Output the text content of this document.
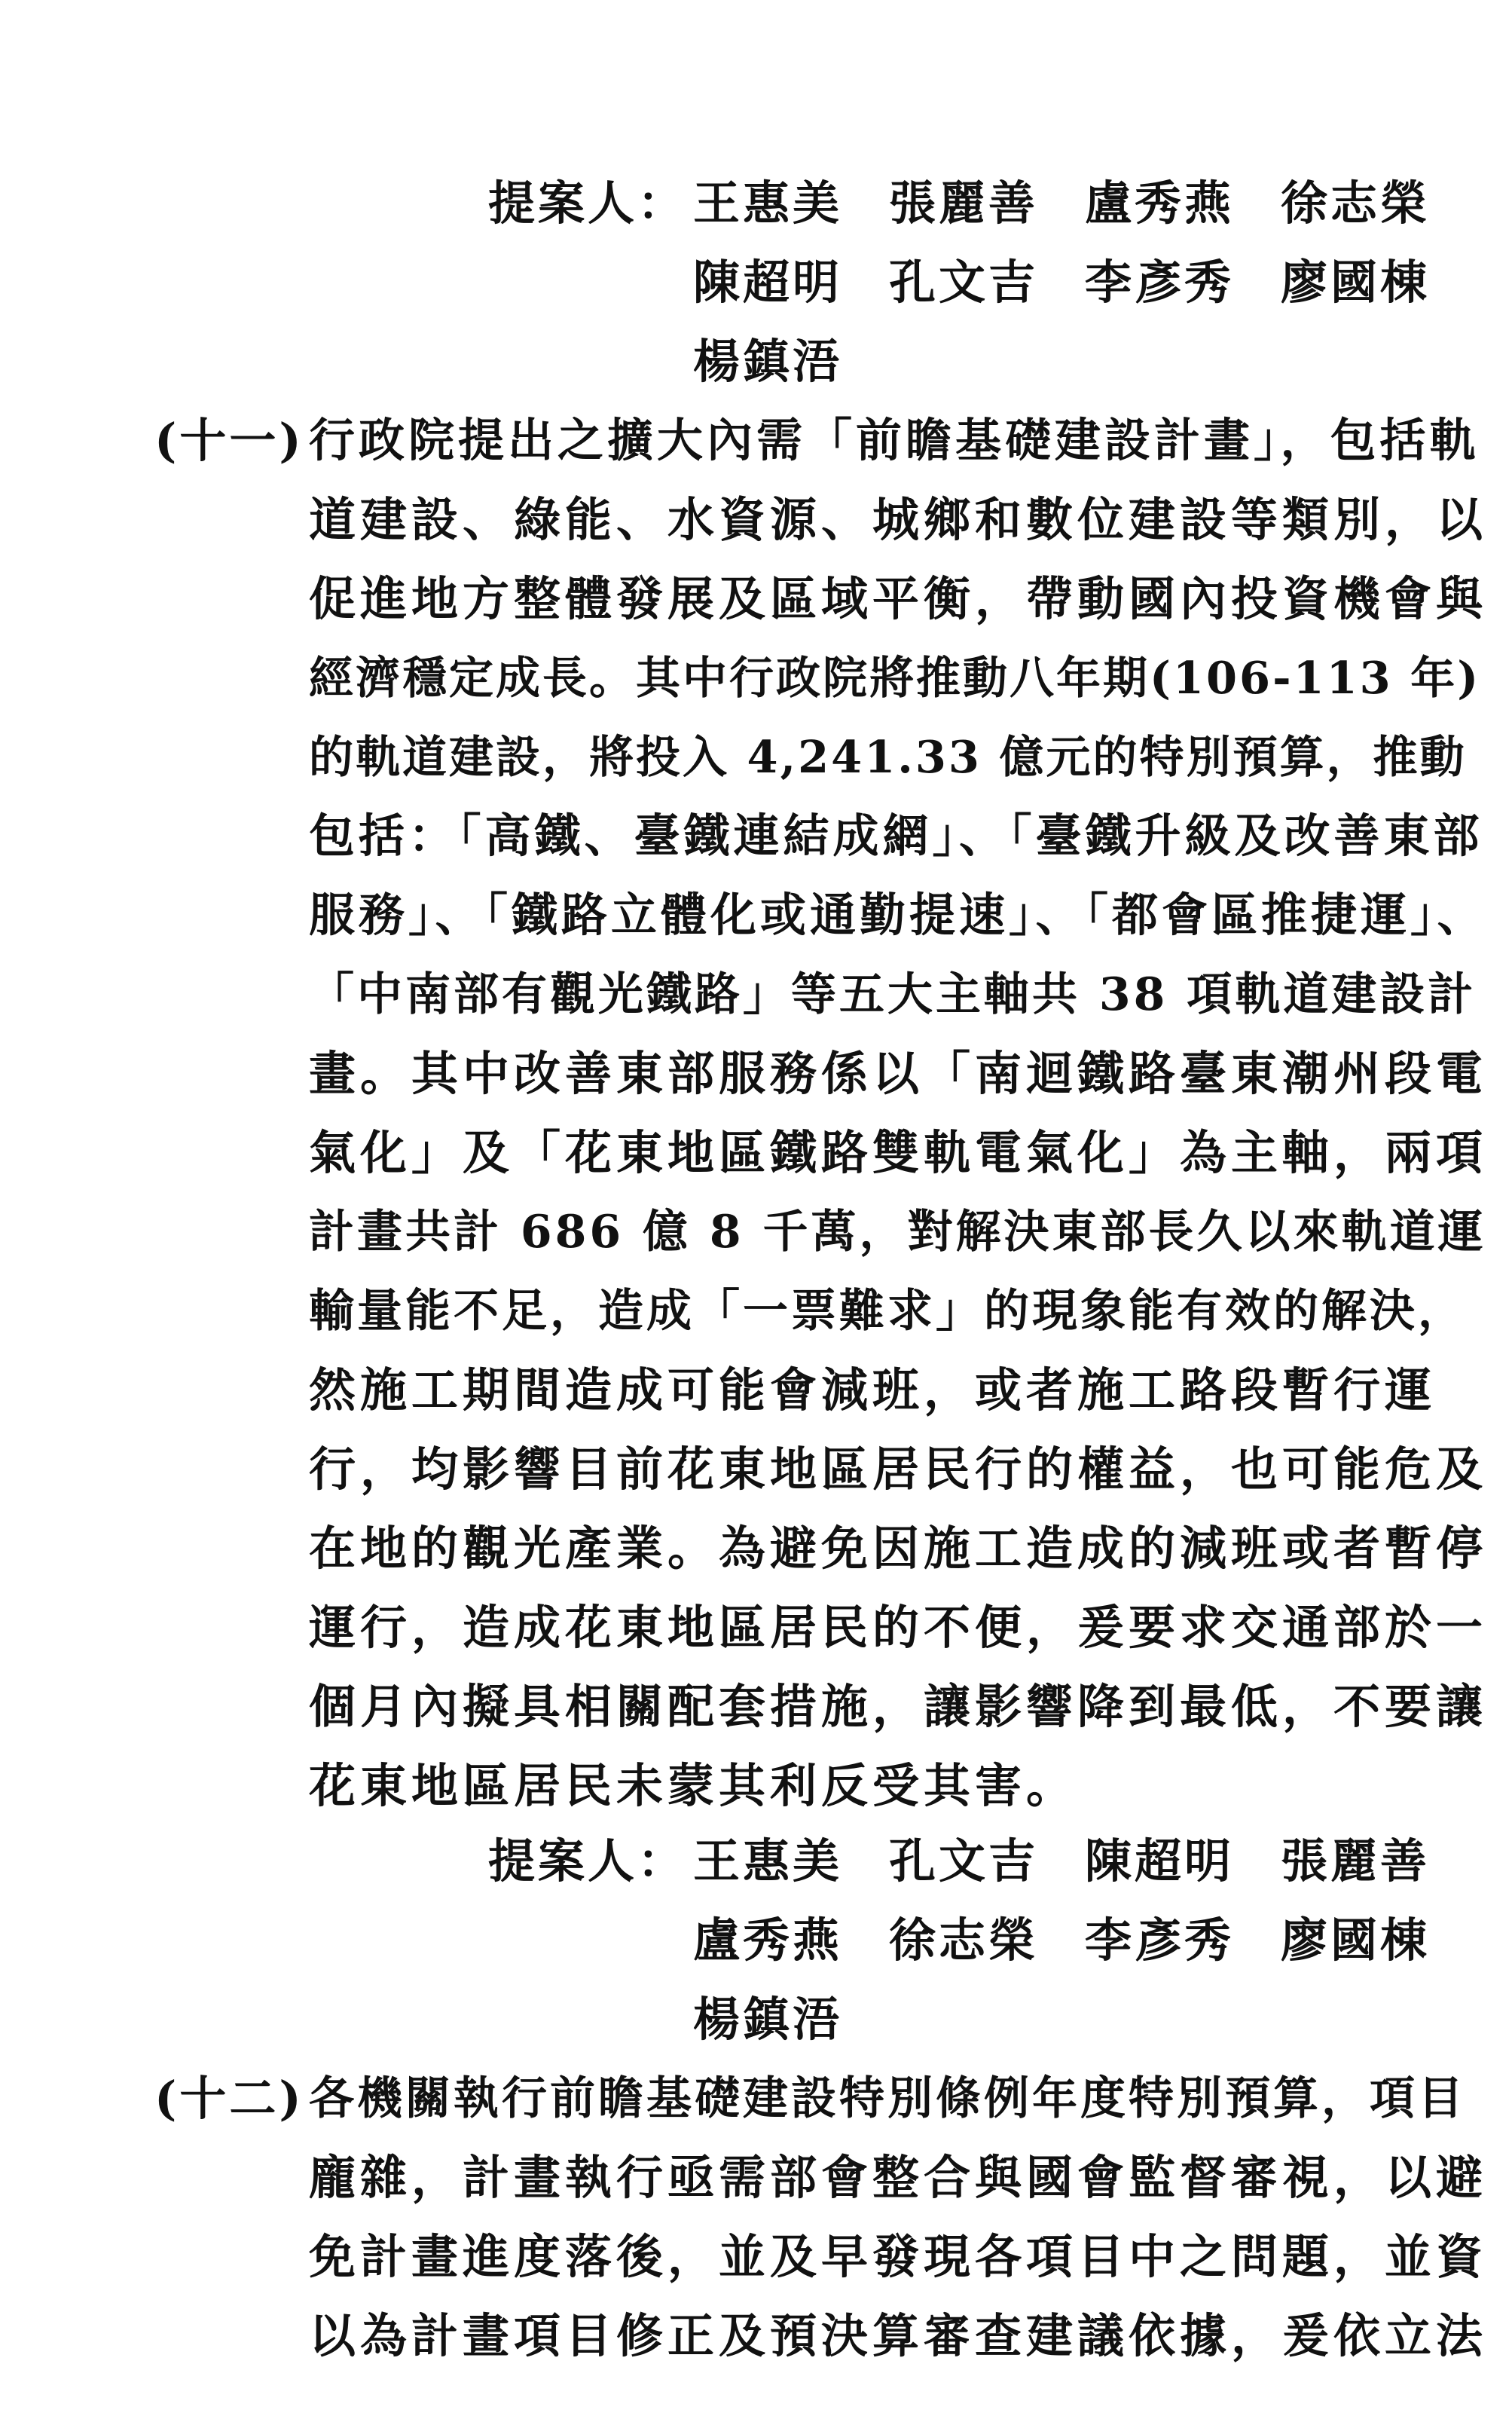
提案人： 王惠美 張麗善 盧秀燕 徐志榮
陳超明 孔文吉 李彥秀 廖國棟
楊鎮浯
(十一) 行政院提出之擴大內需「前瞻基礎建設計畫」，包括軌
道建設、綠能、水資源、城鄉和數位建設等類別，以
促進地方整體發展及區域平衡，帶動國內投資機會與
經濟穩定成長。其中行政院將推動八年期(106-113 年)
的軌道建設，將投入 4,241.33 億元的特別預算，推動
包括：「高鐵、臺鐵連結成網」、「臺鐵升級及改善東部
服務」、「鐵路立體化或通勤提速」、「都會區推捷運」、
「中南部有觀光鐵路」等五大主軸共 38 項軌道建設計
畫。其中改善東部服務係以「南迴鐵路臺東潮州段電
氣化」及「花東地區鐵路雙軌電氣化」為主軸，兩項
計畫共計 686 億 8 千萬，對解決東部長久以來軌道運
輸量能不足，造成「一票難求」的現象能有效的解決，
然施工期間造成可能會減班，或者施工路段暫行運
行，均影響目前花東地區居民行的權益，也可能危及
在地的觀光產業。為避免因施工造成的減班或者暫停
運行，造成花東地區居民的不便，爰要求交通部於一
個月內擬具相關配套措施，讓影響降到最低，不要讓
花東地區居民未蒙其利反受其害。
提案人： 王惠美 孔文吉 陳超明 張麗善
盧秀燕 徐志榮 李彥秀 廖國棟
楊鎮浯
(十二) 各機關執行前瞻基礎建設特別條例年度特別預算，項目
龐雜，計畫執行亟需部會整合與國會監督審視，以避
免計畫進度落後，並及早發現各項目中之問題，並資
以為計畫項目修正及預決算審查建議依據，爰依立法
